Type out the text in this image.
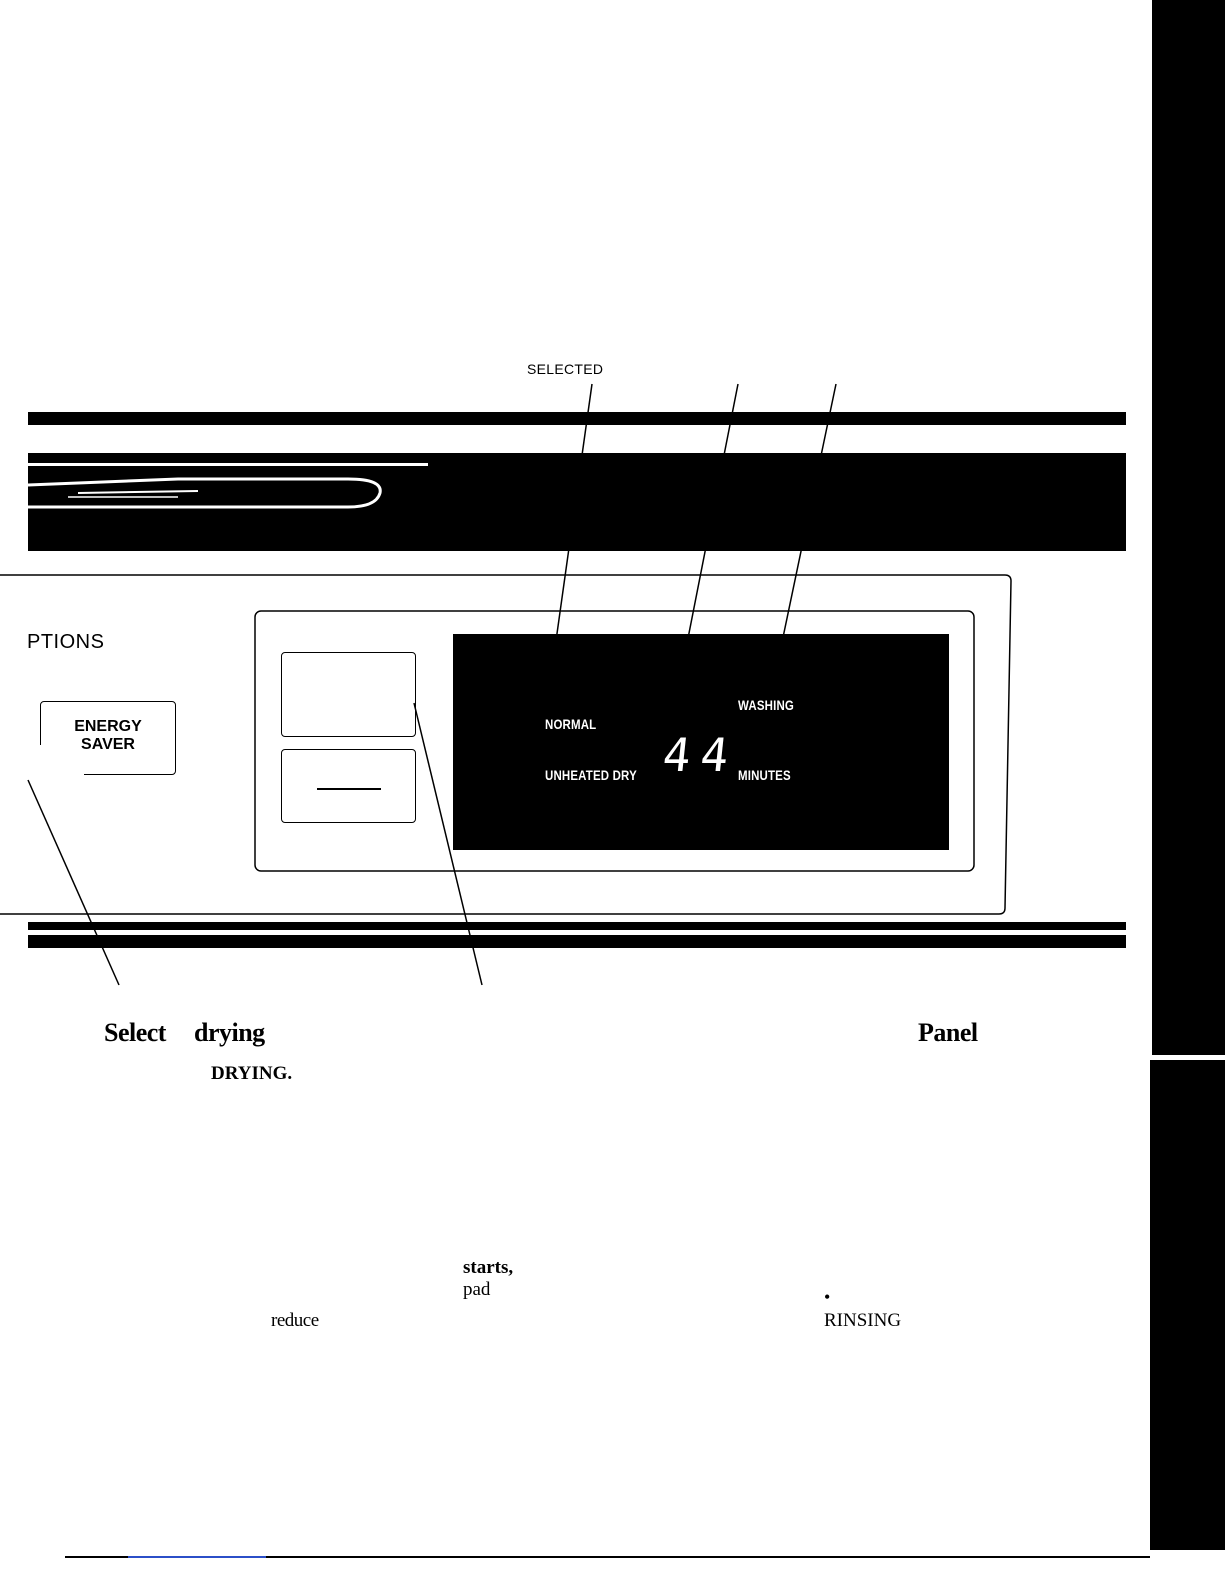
SELECTED
PTIONS
ENERGY
SAVER
NORMAL
WASHING
UNHEATED DRY 44
MINUTES
Select drying	Panel
DRYING.
starts,
pad
reduce
•
RINSING
